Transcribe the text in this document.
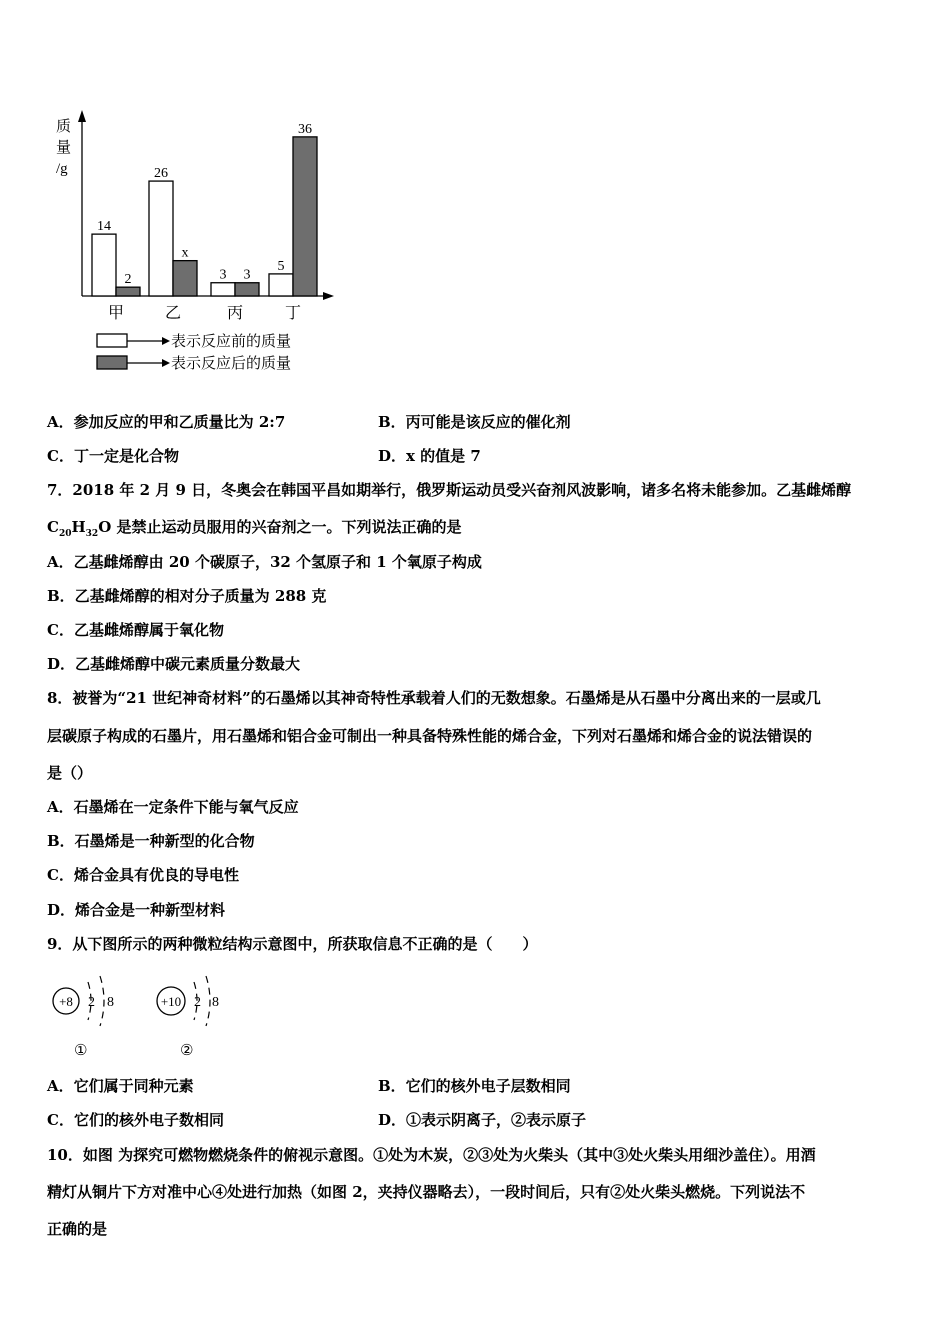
质
量
/g
14
2
甲
26
x
乙
3 3
丙
5
36
丁
表示反应前的质量
表示反应后的质量
A．参加反应的甲和乙质量比为 2:7	B．丙可能是该反应的催化剂
C．丁一定是化合物	D．x 的值是 7
7．2018 年 2 月 9 日，冬奥会在韩国平昌如期举行，俄罗斯运动员受兴奋剂风波影响，诸多名将未能参加。乙基雌烯醇
$C_{20}H_{32}O$ 是禁止运动员服用的兴奋剂之一。下列说法正确的是
A．乙基雌烯醇由 20 个碳原子，32 个氢原子和 1 个氧原子构成
B．乙基雌烯醇的相对分子质量为 288 克
C．乙基雌烯醇属于氧化物
D．乙基雌烯醇中碳元素质量分数最大
8．被誉为“21 世纪神奇材料”的石墨烯以其神奇特性承载着人们的无数想象。石墨烯是从石墨中分离出来的一层或几
层碳原子构成的石墨片，用石墨烯和铝合金可制出一种具备特殊性能的烯合金，下列对石墨烯和烯合金的说法错误的
是（）
A．石墨烯在一定条件下能与氧气反应
B．石墨烯是一种新型的化合物
C．烯合金具有优良的导电性
D．烯合金是一种新型材料
9．从下图所示的两种微粒结构示意图中，所获取信息不正确的是（　　）
+8 2 8
①
+10 2 8
②
A．它们属于同种元素	B．它们的核外电子层数相同
C．它们的核外电子数相同	D．①表示阴离子，②表示原子
10．如图 为探究可燃物燃烧条件的俯视示意图。①处为木炭，②③处为火柴头（其中③处火柴头用细沙盖住）。用酒
精灯从铜片下方对准中心④处进行加热（如图 2，夹持仪器略去），一段时间后，只有②处火柴头燃烧。下列说法不
正确的是
